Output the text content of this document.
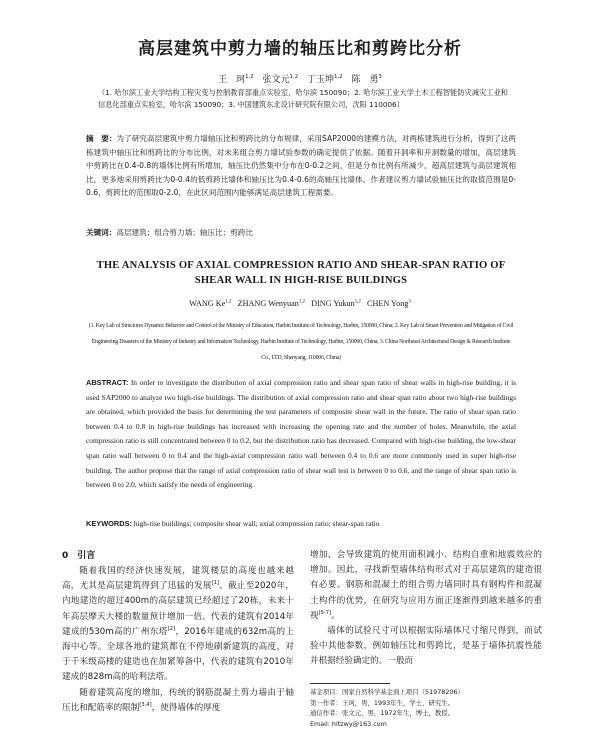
高层建筑中剪力墙的轴压比和剪跨比分析
王 珂$^{1,2}$ 张文元$^{1,2}$ 丁玉坤$^{1,2}$ 陈 勇$^3$
（1. 哈尔滨工业大学结构工程灾变与控制教育部重点实验室，哈尔滨 150090；2. 哈尔滨工业大学土木工程智能防灾减灾工业和信息化部重点实验室，哈尔滨 150090；3. 中国建筑东北设计研究院有限公司，沈阳 110006）
摘　要：为了研究高层建筑中剪力墙轴压比和剪跨比的分布规律，采用SAP2000的建模方法，对两栋建筑进行分析，得到了这两栋建筑中轴压比和剪跨比的分布比例，对未来组合剪力墙试验参数的确定提供了依据。随着开洞率和开洞数量的增加，高层建筑中剪跨比在0.4-0.8的墙体比例有所增加，轴压比仍然集中分布在0-0.2之间，但是分布比例有所减少。超高层建筑与高层建筑相比，更多地采用剪跨比为0-0.4的低剪跨比墙体和轴压比为0.4-0.6的高轴压比墙体。作者建议剪力墙试验轴压比的取值范围是0-0.6，剪跨比的范围取0-2.0，在此区间范围内能够满足高层建筑工程需要。
关键词：高层建筑；组合剪力墙；轴压比；剪跨比
THE ANALYSIS OF AXIAL COMPRESSION RATIO AND SHEAR-SPAN RATIO OF SHEAR WALL IN HIGH-RISE BUILDINGS
WANG Ke$^{1,2}$ ZHANG Wenyuan$^{1,2}$ DING Yukun$^{1,2}$ CHEN Yong$^3$
(1. Key Lab of Structures Dynamic Behavior and Control of the Ministry of Education, Harbin Institute of Technology, Harbin, 150090, China; 2. Key Lab of Smart Prevention and Mitigation of Civil Engineering Disasters of the Ministry of Industry and Information Technology, Harbin Institute of Technology, Harbin, 150090, China; 3. China Northeast Architectural Design & Research Institute Co., LTD, Shenyang, 110006, China)
ABSTRACT: In order to investigate the distribution of axial compression ratio and shear span ratio of shear walls in high-rise building, it is used SAP2000 to analyze two high-rise buildings. The distribution of axial compression ratio and shear span ratio about two high-rise buildings are obtained, which provided the basis for determining the test parameters of composite shear wall in the future. The ratio of shear span ratio between 0.4 to 0.8 in high-rise buildings has increased with increasing the opening rate and the number of holes. Meanwhile, the axial compression ratio is still concentrated between 0 to 0.2, but the distribution ratio has decreased. Compared with high-rise building, the low-shear span ratio wall between 0 to 0.4 and the high-axial compression ratio wall between 0.4 to 0.6 are more commonly used in super high-rise building. The author propose that the range of axial compression ratio of shear wall test is between 0 to 0.6, and the range of shear span ratio is between 0 to 2.0, which satisfy the needs of engineering.
KEYWORDS: high-rise buildings; composite shear wall; axial compression ratio; shear-span ratio
0　引言

随着我国的经济快速发展，建筑楼层的高度也越来越高，尤其是高层建筑得到了迅猛的发展[1]。截止至2020年，内地建造的超过400m的高层建筑已经超过了20栋，未来十年高层摩天大楼的数量预计增加一倍。代表的建筑有2014年建成的530m高的广州东塔[2]，2016年建成的632m高的上海中心等。全球各地的建筑都在不停地刷新建筑的高度，对于千米级高楼的建造也在加紧筹备中，代表的建筑有2010年建成的828m高的哈利法塔。

随着建筑高度的增加，传统的钢筋混凝土剪力墙由于轴压比和配筋率的限制[3,4]，使得墙体的厚度

增加，会导致建筑的使用面积减小、结构自重和地震效应的增加。因此，寻找新型墙体结构形式对于高层建筑的建造很有必要。钢筋和混凝土的组合剪力墙同时具有钢构件和混凝土构件的优势，在研究与应用方面正逐渐得到越来越多的重视[5-7]。

墙体的试验尺寸可以根据实际墙体尺寸缩尺得到，而试验中其他参数，例如轴压比和剪跨比，是基于墙体抗震性能并根据经验确定的。一般而

基金项目：国家自然科学基金面上项目（51978206）
第一作者：王珂，男，1993年生，学士，研究生。
通信作者：张文元，男，1972年生，博士，教授。
Email: hitzwy@163.com
